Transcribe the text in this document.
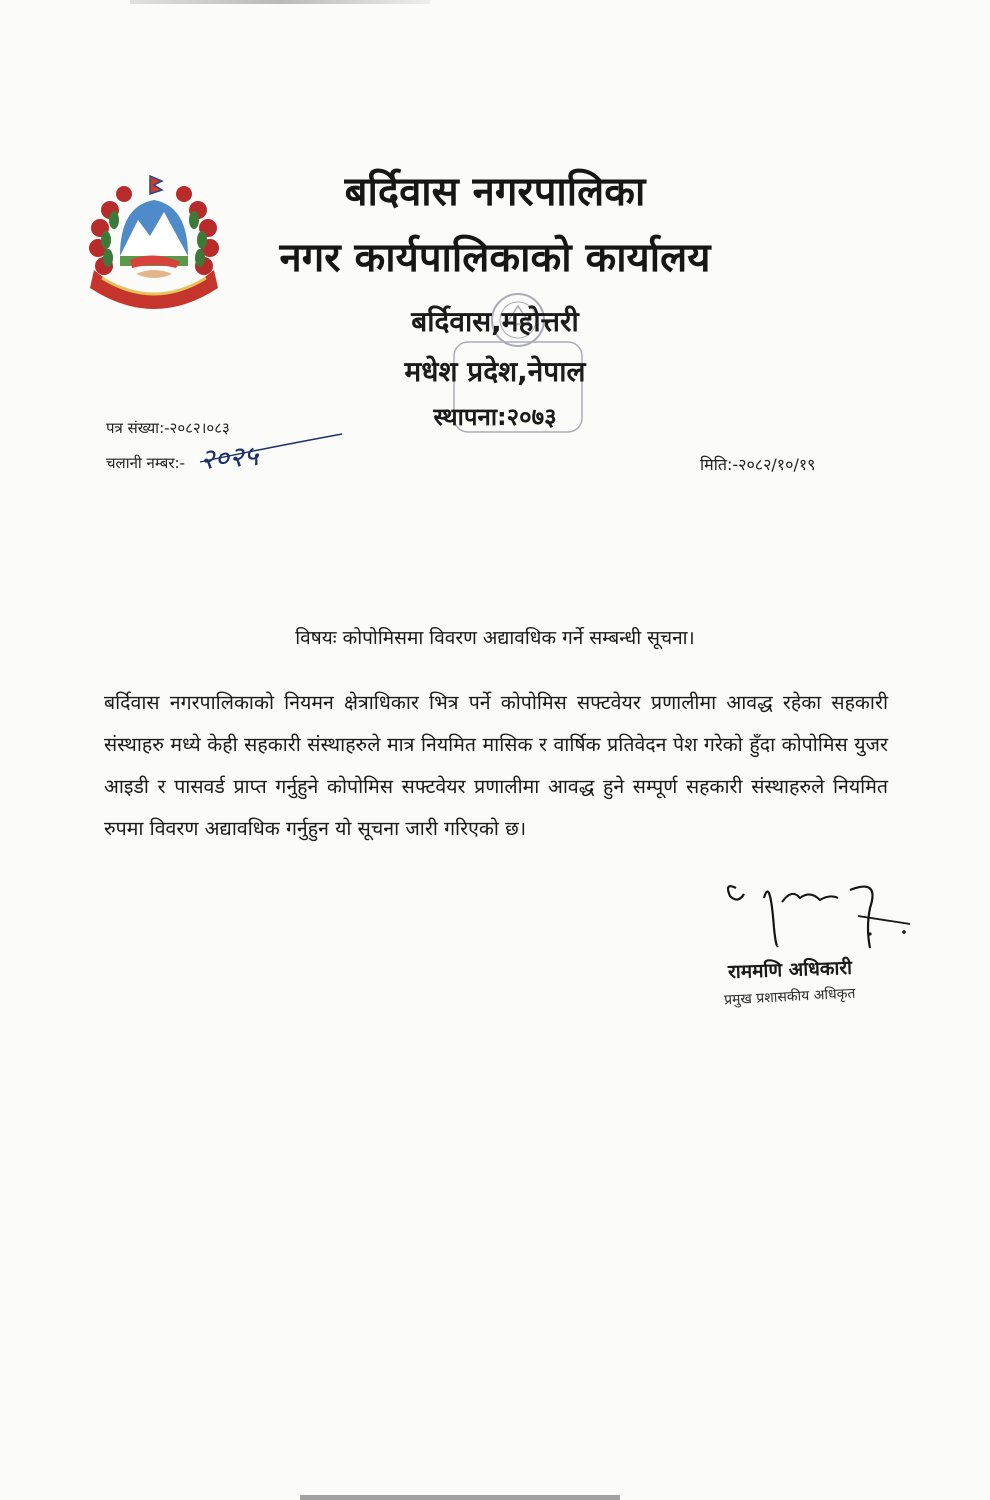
बर्दिवास नगरपालिका
नगर कार्यपालिकाको कार्यालय
बर्दिवास,महोत्तरी
मधेश प्रदेश,नेपाल
स्थापना:२०७३
पत्र संख्या:-२०८२।०८३
चलानी नम्बर:- २०२५	मिति:-२०८२/१०/१९
विषयः कोपोमिसमा विवरण अद्यावधिक गर्ने सम्बन्धी सूचना।
बर्दिवास नगरपालिकाको नियमन क्षेत्राधिकार भित्र पर्ने कोपोमिस सफ्टवेयर प्रणालीमा आवद्ध रहेका सहकारी संस्थाहरु मध्ये केही सहकारी संस्थाहरुले मात्र नियमित मासिक र वार्षिक प्रतिवेदन पेश गरेको हुँदा कोपोमिस युजर आइडी र पासवर्ड प्राप्त गर्नुहुने कोपोमिस सफ्टवेयर प्रणालीमा आवद्ध हुने सम्पूर्ण सहकारी संस्थाहरुले नियमित रुपमा विवरण अद्यावधिक गर्नुहुन यो सूचना जारी गरिएको छ।
राममणि अधिकारी
प्रमुख प्रशासकीय अधिकृत
